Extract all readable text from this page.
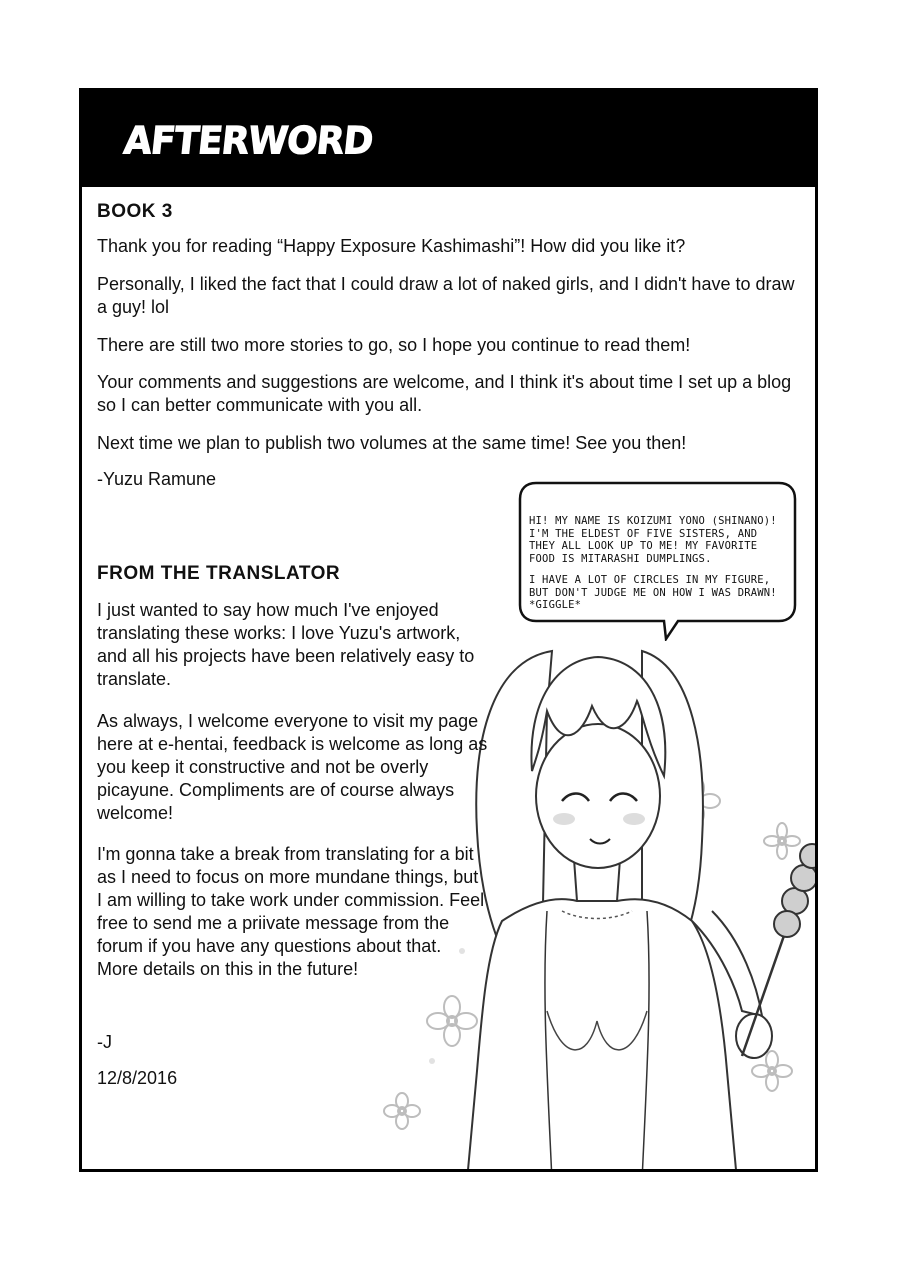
AFTERWORD

HI! MY NAME IS KOIZUMI YONO (SHINANO)! I'M THE ELDEST OF FIVE SISTERS, AND THEY ALL LOOK UP TO ME! MY FAVORITE FOOD IS MITARASHI DUMPLINGS.

I HAVE A LOT OF CIRCLES IN MY FIGURE, BUT DON'T JUDGE ME ON HOW I WAS DRAWN! *GIGGLE*

BOOK 3

Thank you for reading “Happy Exposure Kashimashi”! How did you like it?

Personally, I liked the fact that I could draw a lot of naked girls, and I didn't have to draw a guy! lol

There are still two more stories to go, so I hope you continue to read them!

Your comments and suggestions are welcome, and I think it's about time I set up a blog so I can better communicate with you all.

Next time we plan to publish two volumes at the same time! See you then!

-Yuzu Ramune

FROM THE TRANSLATOR

I just wanted to say how much I've enjoyed translating these works: I love Yuzu's artwork, and all his projects have been relatively easy to translate.

As always, I welcome everyone to visit my page here at e-hentai, feedback is welcome as long as you keep it constructive and not be overly picayune. Compliments are of course always welcome!

I'm gonna take a break from translating for a bit as I need to focus on more mundane things, but I am willing to take work under commission. Feel free to send me a priivate message from the forum if you have any questions about that. More details on this in the future!

-J

12/8/2016
